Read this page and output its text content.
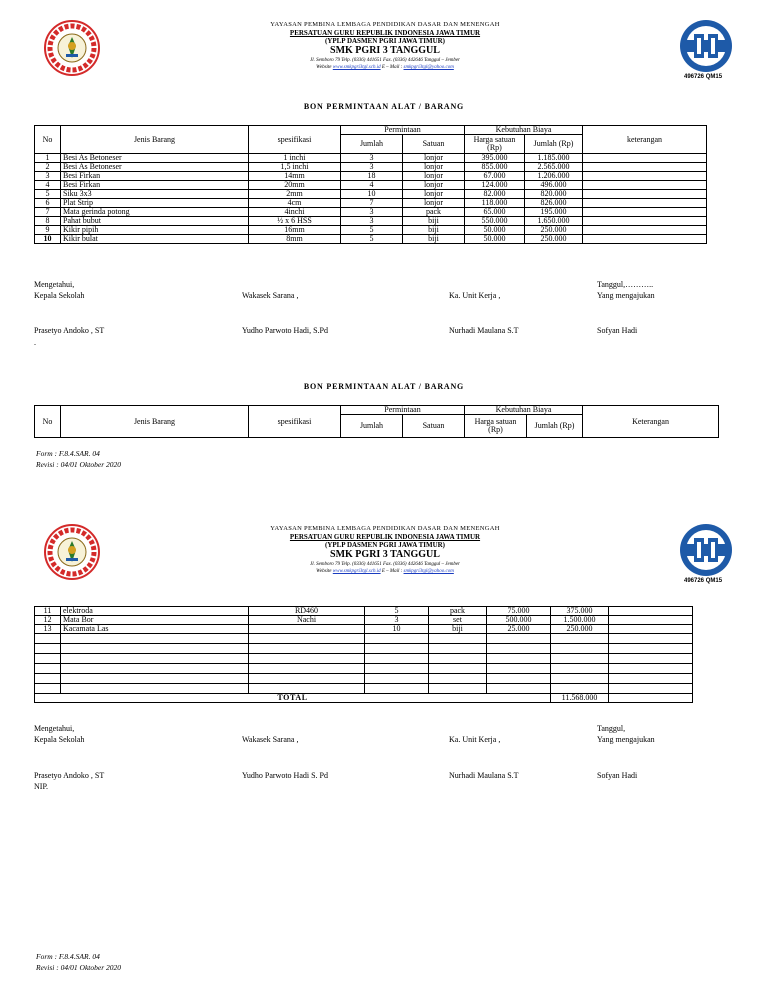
YAYASAN PEMBINA LEMBAGA PENDIDIKAN DASAR DAN MENENGAH
PERSATUAN GURU REPUBLIK INDONESIA JAWA TIMUR
(YPLP DASMEN PGRI JAWA TIMUR)
SMK PGRI 3 TANGGUL
Jl. Semboro 79 Telp. (0336) 441651 Fax. (0336) 442646 Tanggul – Jember
Website www.smkpgri3tgl.sch.id E – Mail : smkpgri3tgl@yahoo.com
496726 QM15
BON PERMINTAAN ALAT / BARANG
No	Jenis Barang	spesifikasi	Permintaan		Kebutuhan Biaya		keterangan
			Jumlah	Satuan	Harga satuan (Rp)	Jumlah (Rp)	
1	Besi As Betoneser	1 inchi	3	lonjor	395.000	1.185.000	
2	Besi As Betoneser	1,5 inchi	3	lonjor	855.000	2.565.000	
3	Besi Firkan	14mm	18	lonjor	67.000	1.206.000	
4	Besi Firkan	20mm	4	lonjor	124.000	496.000	
5	Siku 3x3	2mm	10	lonjor	82.000	820.000	
6	Plat Strip	4cm	7	lonjor	118.000	826.000	
7	Mata gerinda potong	4inchi	3	pack	65.000	195.000	
8	Pahat bubut	½ x 6 HSS	3	biji	550.000	1.650.000	
9	Kikir pipih	16mm	5	biji	50.000	250.000	
10	Kikir bulat	8mm	5	biji	50.000	250.000	
Mengetahui,	Tanggul,………..
Kepala Sekolah	Wakasek Sarana ,	Ka. Unit Kerja ,	Yang mengajukan
Prasetyo Andoko , ST	Yudho Parwoto Hadi, S.Pd	Nurhadi Maulana S.T	Sofyan Hadi
.
BON PERMINTAAN ALAT / BARANG
No	Jenis Barang	spesifikasi	Permintaan		Kebutuhan Biaya		Keterangan
			Jumlah	Satuan	Harga satuan (Rp)	Jumlah (Rp)	
Form : F.8.4.SAR. 04
Revisi : 04/01 Oktober 2020
YAYASAN PEMBINA LEMBAGA PENDIDIKAN DASAR DAN MENENGAH
PERSATUAN GURU REPUBLIK INDONESIA JAWA TIMUR
(YPLP DASMEN PGRI JAWA TIMUR)
SMK PGRI 3 TANGGUL
Jl. Semboro 79 Telp. (0336) 441651 Fax. (0336) 442646 Tanggul – Jember
Website www.smkpgri3tgl.sch.id E – Mail : smkpgri3tgl@yahoo.com
496726 QM15
11	elektroda	RD460	5	pack	75.000	375.000	
12	Mata Bor	Nachi	3	set	500.000	1.500.000	
13	Kacamata Las		10	biji	25.000	250.000	

TOTAL						11.568.000	
Mengetahui,	Tanggul,
Kepala Sekolah	Wakasek Sarana ,	Ka. Unit Kerja ,	Yang mengajukan
Prasetyo Andoko , ST	Yudho Parwoto Hadi S. Pd	Nurhadi Maulana S.T	Sofyan Hadi
NIP.
Form : F.8.4.SAR. 04
Revisi : 04/01 Oktober 2020
